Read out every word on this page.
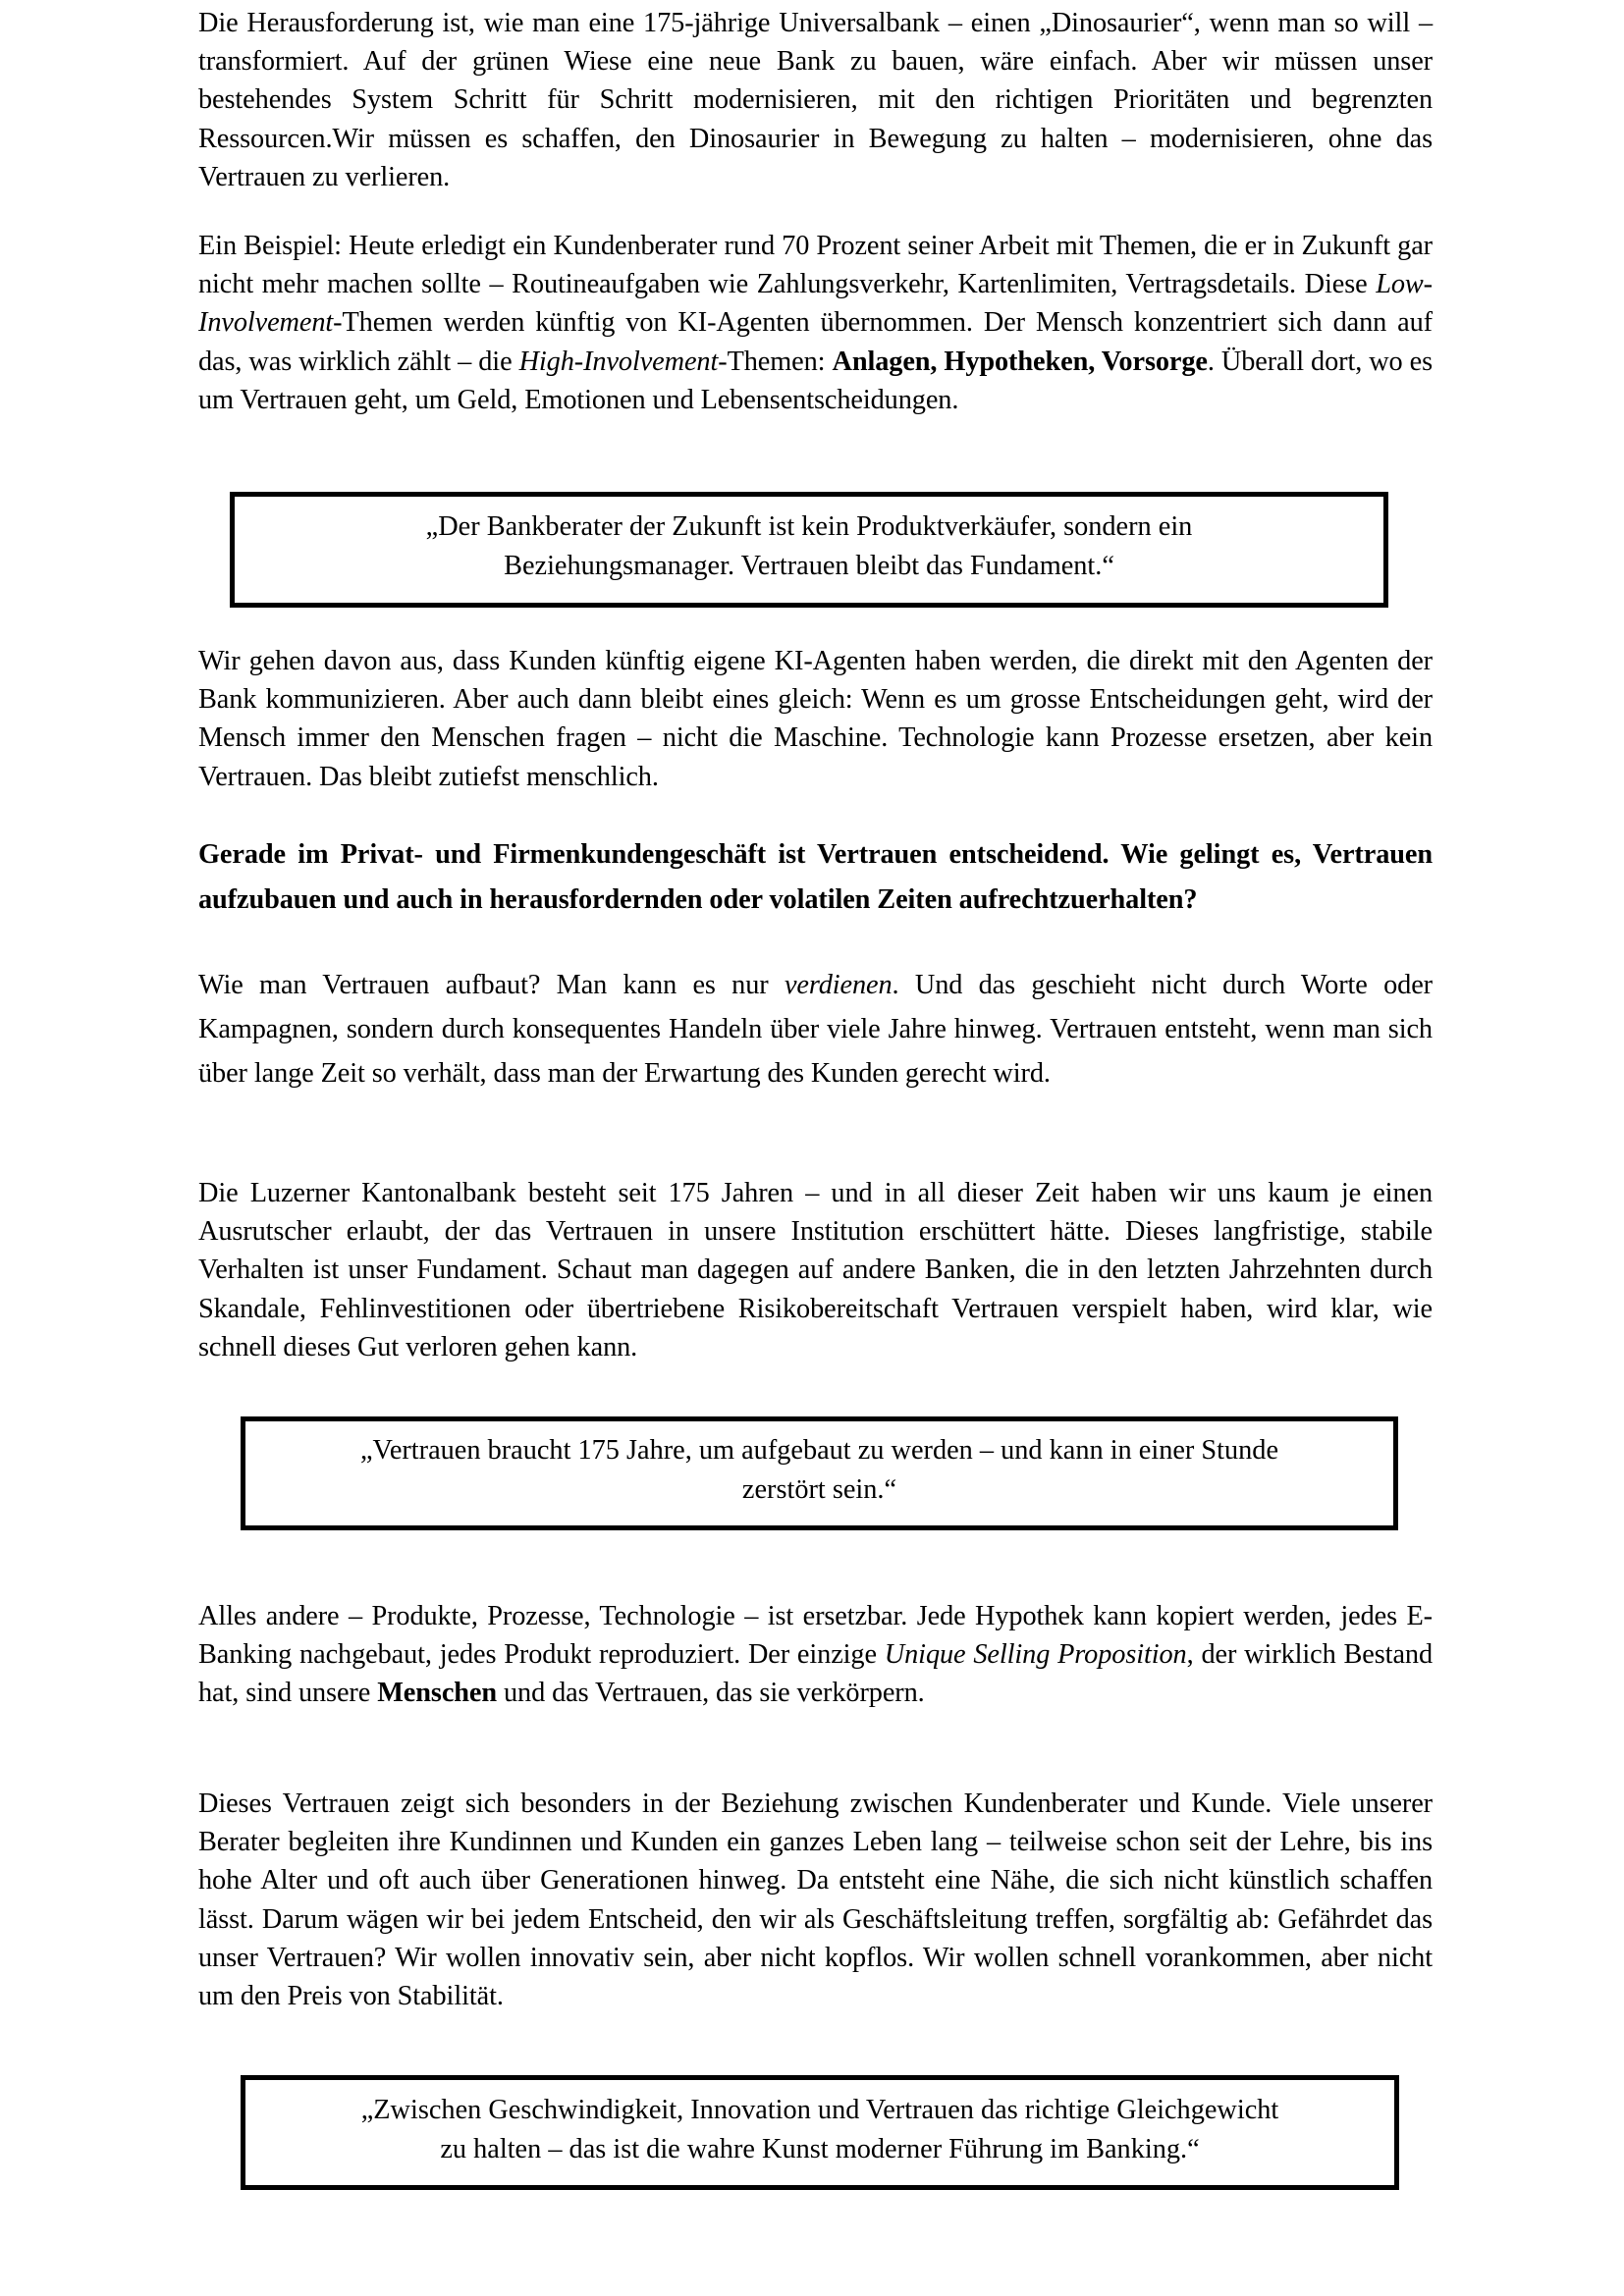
Die Herausforderung ist, wie man eine 175-jährige Universalbank – einen „Dinosaurier“, wenn man so will – transformiert. Auf der grünen Wiese eine neue Bank zu bauen, wäre einfach. Aber wir müssen unser bestehendes System Schritt für Schritt modernisieren, mit den richtigen Prioritäten und begrenzten Ressourcen.Wir müssen es schaffen, den Dinosaurier in Bewegung zu halten – modernisieren, ohne das Vertrauen zu verlieren.

Ein Beispiel: Heute erledigt ein Kundenberater rund 70 Prozent seiner Arbeit mit Themen, die er in Zukunft gar nicht mehr machen sollte – Routineaufgaben wie Zahlungsverkehr, Kartenlimiten, Vertragsdetails. Diese Low-Involvement-Themen werden künftig von KI-Agenten übernommen. Der Mensch konzentriert sich dann auf das, was wirklich zählt – die High-Involvement-Themen: Anlagen, Hypotheken, Vorsorge. Überall dort, wo es um Vertrauen geht, um Geld, Emotionen und Lebensentscheidungen.

Wir gehen davon aus, dass Kunden künftig eigene KI-Agenten haben werden, die direkt mit den Agenten der Bank kommunizieren. Aber auch dann bleibt eines gleich: Wenn es um grosse Entscheidungen geht, wird der Mensch immer den Menschen fragen – nicht die Maschine. Technologie kann Prozesse ersetzen, aber kein Vertrauen. Das bleibt zutiefst menschlich.

Gerade im Privat- und Firmenkundengeschäft ist Vertrauen entscheidend. Wie gelingt es, Vertrauen aufzubauen und auch in herausfordernden oder volatilen Zeiten aufrechtzuerhalten?

Wie man Vertrauen aufbaut? Man kann es nur verdienen. Und das geschieht nicht durch Worte oder Kampagnen, sondern durch konsequentes Handeln über viele Jahre hinweg. Vertrauen entsteht, wenn man sich über lange Zeit so verhält, dass man der Erwartung des Kunden gerecht wird.

Die Luzerner Kantonalbank besteht seit 175 Jahren – und in all dieser Zeit haben wir uns kaum je einen Ausrutscher erlaubt, der das Vertrauen in unsere Institution erschüttert hätte. Dieses langfristige, stabile Verhalten ist unser Fundament. Schaut man dagegen auf andere Banken, die in den letzten Jahrzehnten durch Skandale, Fehlinvestitionen oder übertriebene Risikobereitschaft Vertrauen verspielt haben, wird klar, wie schnell dieses Gut verloren gehen kann.

Alles andere – Produkte, Prozesse, Technologie – ist ersetzbar. Jede Hypothek kann kopiert werden, jedes E-Banking nachgebaut, jedes Produkt reproduziert. Der einzige Unique Selling Proposition, der wirklich Bestand hat, sind unsere Menschen und das Vertrauen, das sie verkörpern.

Dieses Vertrauen zeigt sich besonders in der Beziehung zwischen Kundenberater und Kunde. Viele unserer Berater begleiten ihre Kundinnen und Kunden ein ganzes Leben lang – teilweise schon seit der Lehre, bis ins hohe Alter und oft auch über Generationen hinweg. Da entsteht eine Nähe, die sich nicht künstlich schaffen lässt. Darum wägen wir bei jedem Entscheid, den wir als Geschäftsleitung treffen, sorgfältig ab: Gefährdet das unser Vertrauen? Wir wollen innovativ sein, aber nicht kopflos. Wir wollen schnell vorankommen, aber nicht um den Preis von Stabilität.

„Der Bankberater der Zukunft ist kein Produktverkäufer, sondern ein
Beziehungsmanager. Vertrauen bleibt das Fundament.“
„Vertrauen braucht 175 Jahre, um aufgebaut zu werden – und kann in einer Stunde
zerstört sein.“
„Zwischen Geschwindigkeit, Innovation und Vertrauen das richtige Gleichgewicht
zu halten – das ist die wahre Kunst moderner Führung im Banking.“
